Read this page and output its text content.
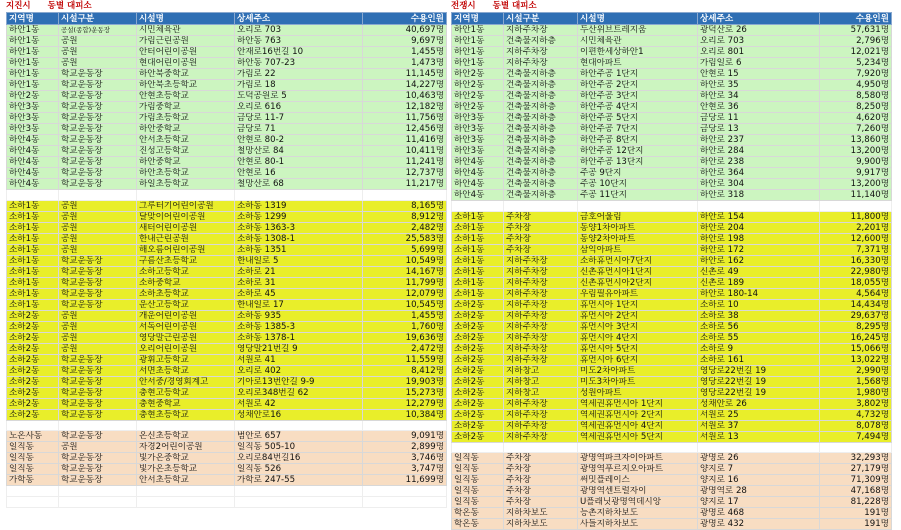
지진시 동별 대피소
지역명	시설구분	시설명	상세주소	수용인원
하안1동	공설(종합)운동장	시민체육관	오리로 703	40,697명
하안1동	공원	가림근린공원	하안동 763	9,697명
하안1동	공원	안터어린이공원	안재로16번길 10	1,455명
하안1동	공원	현대어린이공원	하안동 707-23	1,473명
하안1동	학교운동장	하안북중학교	가림로 22	11,145명
하안1동	학교운동장	하안북초등학교	가림로 18	14,227명
하안2동	학교운동장	안현초등학교	도덕공원로 5	10,463명
하안3동	학교운동장	가림중학교	오리로 616	12,182명
하안3동	학교운동장	가림초등학교	금당로 11-7	11,756명
하안3동	학교운동장	하안중학교	금당로 71	12,456명
하안4동	학교운동장	안서초등학교	안현로 80-2	11,416명
하안4동	학교운동장	진성고등학교	철망산로 84	10,411명
하안4동	학교운동장	하안중학교	안현로 80-1	11,241명
하안4동	학교운동장	하안초등학교	안현로 16	12,737명
하안4동	학교운동장	하일초등학교	철망산로 68	11,217명

소하1동	공원	그루터기어린이공원	소하동 1319	8,165명
소하1동	공원	달맞이어린이공원	소하동 1299	8,912명
소하1동	공원	새터어린이공원	소하동 1363-3	2,482명
소하1동	공원	한내근린공원	소하동 1308-1	25,583명
소하1동	공원	해오름어린이공원	소하동 1351	5,699명
소하1동	학교운동장	구름산초등학교	한내일로 5	10,549명
소하1동	학교운동장	소하고등학교	소하로 21	14,167명
소하1동	학교운동장	소하중학교	소하로 31	11,799명
소하1동	학교운동장	소하초등학교	소하로 45	12,079명
소하1동	학교운동장	운산고등학교	한내일로 17	10,545명
소하2동	공원	개운어린이공원	소하동 935	1,455명
소하2동	공원	서독어린이공원	소하동 1385-3	1,760명
소하2동	공원	영당말근린공원	소하동 1378-1	19,636명
소하2동	공원	오리어린이공원	영당말21번길 9	2,472명
소하2동	학교운동장	광휘고등학교	서원로 41	11,559명
소하2동	학교운동장	서면초등학교	오리로 402	8,412명
소하2동	학교운동장	안서중/경영회계고	기아로13번안길 9-9	19,903명
소하2동	학교운동장	충현고등학교	오리로348번길 62	15,273명
소하2동	학교운동장	충현중학교	서원로 42	12,279명
소하2동	학교운동장	충현초등학교	성채안로16	10,384명

노온사동	학교운동장	온신초등학교	범안로 657	9,091명
일직동	공원	자경2어린이공원	일직동 505-10	2,899명
일직동	학교운동장	빛가온중학교	오리로84번길16	3,746명
일직동	학교운동장	빛가온초등학교	일직동 526	3,747명
가학동	학교운동장	안서초등학교	가학로 247-55	11,699명

전쟁시 동별 대피소
지역명	시설구분	시설명	상세주소	수용인원
하안1동	지하주차장	두산위브트레지움	광덕산로 26	57,631명
하안1동	건축물지하층	시민체육관	오리로 703	2,796명
하안1동	지하주차장	이편한세상하안1	오리로 801	12,021명
하안1동	지하주차장	현대아파트	가림일로 6	5,234명
하안2동	건축물지하층	하안주공 1단지	안현로 15	7,920명
하안2동	건축물지하층	하안주공 2단지	하안로 35	4,950명
하안2동	건축물지하층	하안주공 3단지	하안로 34	8,580명
하안2동	건축물지하층	하안주공 4단지	안현로 36	8,250명
하안3동	건축물지하층	하안주공 5단지	금당로 11	4,620명
하안3동	건축물지하층	하안주공 7단지	금당로 13	7,260명
하안3동	건축물지하층	하안주공 8단지	하안로 237	13,860명
하안3동	건축물지하층	하안주공 12단지	하안로 284	13,200명
하안4동	건축물지하층	하안주공 13단지	하안로 238	9,900명
하안4동	건축물지하층	주공 9단지	하안로 364	9,917명
하안4동	건축물지하층	주공 10단지	하안로 304	13,200명
하안4동	건축물지하층	주공 11단지	하안로 318	11,140명

소하1동	주차장	금호어울림	하안로 154	11,800명
소하1동	주차장	동양1차아파트	하안로 204	2,201명
소하1동	주차장	동양2차아파트	하안로 198	12,600명
소하1동	주차장	삼익아파트	하안로 172	7,371명
소하1동	지하주차장	소하휴먼시아7단지	하안로 162	16,330명
소하1동	지하주차장	신촌휴먼시아1단지	신촌로 49	22,980명
소하1동	지하주차장	신촌휴먼시아2단지	신촌로 189	18,055명
소하1동	지하주차장	우림필유아파트	하안로 180-14	4,564명
소하2동	지하주차장	휴먼시아 1단지	소하로 10	14,434명
소하2동	지하주차장	휴먼시아 2단지	소하로 38	29,637명
소하2동	지하주차장	휴먼시아 3단지	소하로 56	8,295명
소하2동	지하주차장	휴먼시아 4단지	소하로 55	16,245명
소하2동	지하주차장	휴먼시아 5단지	소하로 9	15,066명
소하2동	지하주차장	휴먼시아 6단지	소하로 161	13,022명
소하2동	지하창고	미도2차아파트	영당로22번길 19	2,990명
소하2동	지하창고	미도3차아파트	영당로22번길 19	1,568명
소하2동	지하창고	성원아파트	영당로22번길 19	1,980명
소하2동	지하주차장	역세권휴먼시아 1단지	성채안로 26	3,802명
소하2동	지하주차장	역세권휴먼시아 2단지	서원로 25	4,732명
소하2동	지하주차장	역세권휴먼시아 4단지	서원로 37	8,078명
소하2동	지하주차장	역세권휴먼시아 5단지	서원로 13	7,494명

일직동	주차장	광명역파크자이아파트	광명로 26	32,293명
일직동	주차장	광명역푸르지오아파트	양지로 7	27,179명
일직동	주차장	써밋플레이스	양지로 16	71,309명
일직동	주차장	광명역센트럴자이	광명역로 28	47,168명
일직동	주차장	U플래닛광명역데시앙	양지로 17	81,228명
학온동	지하차보도	능촌지하차보도	광명로 468	191명
학온동	지하차보도	사들지하차보도	광명로 432	191명
